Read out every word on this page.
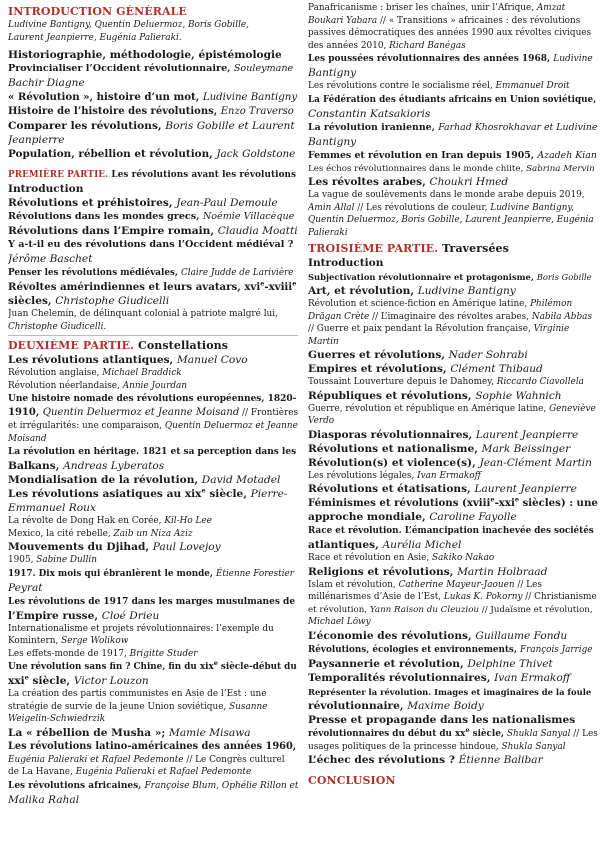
INTRODUCTION GÉNÉRALE
Ludivine Bantigny, Quentin Deluermoz, Boris Gobille,
Laurent Jeanpierre, Eugénia Palieraki.
Historiographie, méthodologie, épistémologie
Provincialiser l’Occident révolutionnaire, Souleymane
Bachir Diagne
« Révolution », histoire d’un mot, Ludivine Bantigny
Histoire de l’histoire des révolutions, Enzo Traverso
Comparer les révolutions, Boris Gobille et Laurent
Jeanpierre
Population, rébellion et révolution, Jack Goldstone
PREMIÈRE PARTIE. Les révolutions avant les révolutions
Introduction
Révolutions et préhistoires, Jean-Paul Demoule
Révolutions dans les mondes grecs, Noémie Villacèque
Révolutions dans l’Empire romain, Claudia Moatti
Y a-t-il eu des révolutions dans l’Occident médiéval ?
Jérôme Baschet
Penser les révolutions médiévales, Claire Judde de Larivière
Révoltes amérindiennes et leurs avatars, xvi$^e$-xviii$^e$
siècles, Christophe Giudicelli
Juan Chelemín, de délinquant colonial à patriote malgré lui,
Christophe Giudicelli.
DEUXIÈME PARTIE. Constellations
Les révolutions atlantiques, Manuel Covo
Révolution anglaise, Michael Braddick
Révolution néerlandaise, Annie Jourdan
Une histoire nomade des révolutions européennes, 1820-
1910, Quentin Deluermoz et Jeanne Moisand // Frontières
et irrégularités: une comparaison, Quentin Deluermoz et Jeanne
Moisand
La révolution en héritage. 1821 et sa perception dans les
Balkans, Andreas Lyberatos
Mondialisation de la révolution, David Motadel
Les révolutions asiatiques au xix$^e$ siècle, Pierre-
Emmanuel Roux
La révolte de Dong Hak en Corée, Kil-Ho Lee
Mexico, la cité rebelle, Zaib un Niza Aziz
Mouvements du Djihad, Paul Lovejoy
1905, Sabine Dullin
1917. Dix mois qui ébranlèrent le monde, Étienne Forestier
Peyrat
Les révolutions de 1917 dans les marges musulmanes de
l’Empire russe, Cloé Drieu
Internationalisme et projets révolutionnaires: l’exemple du
Komintern, Serge Wolikow
Les effets-monde de 1917, Brigitte Studer
Une révolution sans fin ? Chine, fin du xix$^e$ siècle-début du
xxi$^e$ siècle, Victor Louzon
La création des partis communistes en Asie de l’Est : une
stratégie de survie de la jeune Union soviétique, Susanne
Weigelin-Schwiedrzik
La « rébellion de Musha »; Mamie Misawa
Les révolutions latino-américaines des années 1960,
Eugénia Palieraki et Rafael Pedemonte // Le Congrès culturel
de La Havane, Eugénia Palieraki et Rafael Pedemonte
Les révolutions africaines, Françoise Blum, Ophélie Rillon et
Malika Rahal
Panafricanisme : briser les chaînes, unir l’Afrique, Amzat
Boukari Yabara // « Transitions » africaines : des révolutions
passives démocratiques des années 1990 aux révoltes civiques
des années 2010, Richard Banégas
Les poussées révolutionnaires des années 1968, Ludivine
Bantigny
Les révolutions contre le socialisme réel, Emmanuel Droit
La Fédération des étudiants africains en Union soviétique,
Constantin Katsakioris
La révolution iranienne, Farhad Khosrokhavar et Ludivine
Bantigny
Femmes et révolution en Iran depuis 1905, Azadeh Kian
Les échos révolutionnaires dans le monde chiite, Sabrina Mervin
Les révoltes arabes, Choukri Hmed
La vague de soulèvements dans le monde arabe depuis 2019,
Amin Allal // Les révolutions de couleur, Ludivine Bantigny,
Quentin Deluermoz, Boris Gobille, Laurent Jeanpierre, Eugénia
Palieraki
TROISIÈME PARTIE. Traversées
Introduction
Subjectivation révolutionnaire et protagonisme, Boris Gobille
Art, et révolution, Ludivine Bantigny
Révolution et science-fiction en Amérique latine, Philémon
Drăgan Crète // L’imaginaire des révoltes arabes, Nabila Abbas
// Guerre et paix pendant la Révolution française, Virginie
Martin
Guerres et révolutions, Nader Sohrabi
Empires et révolutions, Clément Thibaud
Toussaint Louverture depuis le Dahomey, Riccardo Ciavollela
Républiques et révolutions, Sophie Wahnich
Guerre, révolution et république en Amérique latine, Geneviève
Verdo
Diasporas révolutionnaires, Laurent Jeanpierre
Révolutions et nationalisme, Mark Beissinger
Révolution(s) et violence(s), Jean-Clément Martin
Les révolutions légales, Ivan Ermakoff
Révolutions et étatisations, Laurent Jeanpierre
Féminismes et révolutions (xviii$^e$-xxi$^e$ siècles) : une
approche mondiale, Caroline Fayolle
Race et révolution. L’émancipation inachevée des sociétés
atlantiques, Aurélia Michel
Race et révolution en Asie, Sakiko Nakao
Religions et révolutions, Martin Holbraad
Islam et révolution, Catherine Mayeur-Jaouen // Les
millénarismes d’Asie de l’Est, Lukas K. Pokorny // Christianisme
et révolution, Yann Raison du Cleuziou // Judaïsme et révolution,
Michael Löwy
L’économie des révolutions, Guillaume Fondu
Révolutions, écologies et environnements, François Jarrige
Paysannerie et révolution, Delphine Thivet
Temporalités révolutionnaires, Ivan Ermakoff
Représenter la révolution. Images et imaginaires de la foule
révolutionnaire, Maxime Boidy
Presse et propagande dans les nationalismes
révolutionnaires du début du $xx^e$ siècle, Shukla Sanyal // Les
usages politiques de la princesse hindoue, Shukla Sanyal
L’échec des révolutions ? Étienne Balibar
CONCLUSION
